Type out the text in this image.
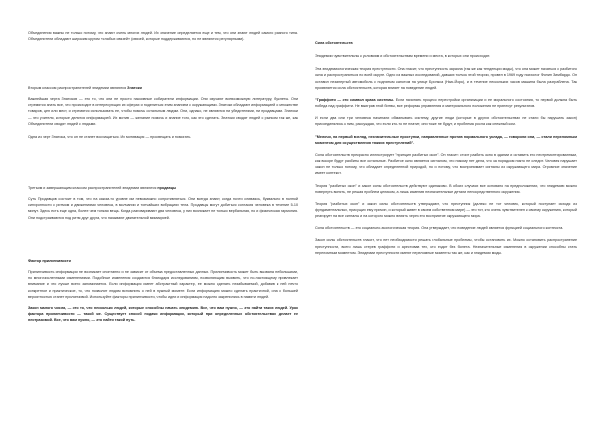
Объединения важны не только потому, что знают очень многих людей. Их значение определяется еще и тем, что они знают людей самого разного типа. Объединители обладают широким кругом «слабых связей» (связей, которые поддерживаются, но не являются регулярными).

Вторым классом распространителей эпидемии являются Знатоки

Важнейшая черта Знатоков — это то, что они не просто пассивные собиратели информации. Они изучают всевозможную литературу, буклеты. Они стремятся знать все, что происходит в интересующих их сферах и поделиться этим знанием с окружающими. Знатоки обладают информацией о множестве товаров, цен или мест, и стремятся использовать ее, чтобы помочь остальным людям. Они, однако, не являются ни убедителями, ни продавцами. Знатоки — это учителя, которые делятся информацией. Их мотив — желание помочь и знание того, как это сделать. Знатоки сводят людей с рынком так же, как Объединители сводят людей с людьми.

Одна из черт Знатока, что он не станет восхищаться. Их мотивация — просвещать и помогать.

Третьим и завершающим классом распространителей эпидемии являются продавцы

Суть Продавцов состоит в том, что на каком-то уровне им невозможно сопротивляться. Они всегда знают, когда почти сливаясь, буквально в полной синхронности с ритмом и движениями человека, в молчании и тончайших вибрациях тела. Продавцы могут добиться согласия человека в течение 5-10 минут. Здесь есть еще одна, более чем тонкая вещь. Когда разговаривают два человека, у них возникает не только вербальная, но и физическая гармония. Они подстраиваются под ритм друг друга, что называют двигательной мимикрией.

Фактор прилипчивости

Прилипчивость информации не возникает спонтанно и не зависит от объема предоставленных данных. Прилипчивость может быть вызвана небольшими, но многочисленными изменениями. Подобные изменения создаются благодаря исследованиям, позволяющим выявить, что по-настоящему привлекает внимание и что лучше всего запоминается. Если информация имеет абстрактный характер, ее можно сделать незабываемой, добавив к ней нечто конкретное и практическое, то, что позволит людям вспомнить о ней в нужный момент. Если информацию можно сделать практичной, она с большей вероятностью станет прилипчивой. Используйте факторы прилипчивости, чтобы идеи и информация надолго закрепились в памяти людей.

Закон малого числа, — это то, что несколько людей, которые способны начать эпидемию. Все, что вам нужно, — это найти таких людей. Урок фактора прилипчивости — такой же. Существует способ подачи информации, который при определенных обстоятельствах делает ее неотразимой. Все, что вам нужно, — это найти такой путь.

Сила обстоятельств

Эпидемии чувствительны к условиям и обстоятельствам времени и места, в которых они происходят.

Эта эпидемиологическая теория преступности. Она гласит, что преступность заразна (так же как тенденции моды), что она может начаться с разбитого окна и распространиться по всей округе. Одно из важных исследований, давших толчок этой теории, провел в 1969 году психолог Филип Зимбардо. Он оставил незапертый автомобиль с поднятым капотом на улице Бронкса (Нью-Йорк), и в течение нескольких часов машина была разграблена. Так проявляется сила обстоятельств, которая влияет на поведение людей.

"Граффити — это символ краха системы. Если начинать процесс перестройки организации и ее морального состояния, то первой должна быть победа над граффити. Не выиграв этой битвы, все реформы управления и материального положения не принесут результатов.

И если два или три человека начинали обманывать систему, другие люди (которые в других обстоятельствах не стали бы нарушать закон) присоединялись к ним, рассуждая, что если кто-то не платит, они тоже не будут, и проблема росла как снежный ком.

"Мелочи, на первый взгляд, незначительные проступки, направленные против нормального уклада, — говорили они, — стали переломным моментом для осуществления тяжких преступлений".

Сила обстоятельств прекрасно иллюстрирует "принцип разбитых окон". Он гласит: стоит разбить окно в здании и оставить его неотремонтированным, как вскоре будут разбиты все остальные. Разбитое окно является сигналом, что никому нет дела, что за порядком никто не следит. Человек нарушает закон не только потому, что обладает определенной природой, но и потому, что воспринимает сигналы из окружающего мира. Огромное значение имеет контекст.

Теория "разбитых окон" и закон силы обстоятельств действуют одинаково. В обоих случаях все основано на предположении, что эпидемию можно повернуть вспять, не решая проблем целиком, а лишь изменив незначительные детали непосредственного окружения.

Теория "разбитых окон" и закон силы обстоятельств утверждают, что преступник (далеко не тот человек, который поступает исходя из фундаментальных, присущих ему причин, и который живет в своем собственном мире) — это тот, кто очень чувствителен к своему окружению, который реагирует на все сигналы и на которого можно влиять через его восприятие окружающего мира.

Сила обстоятельств — это социально-экологическая теория. Она утверждает, что поведение людей является функцией социального контекста.

Закон силы обстоятельств гласит, что нет необходимости решать глобальные проблемы, чтобы остановить их. Можно остановить распространение преступности, всего лишь стерев граффити и арестовав тех, кто ездит без билета. Незначительные изменения в окружении способны стать переломным моментом. Эпидемии преступности имеют переломные моменты так же, как и эпидемии моды.
